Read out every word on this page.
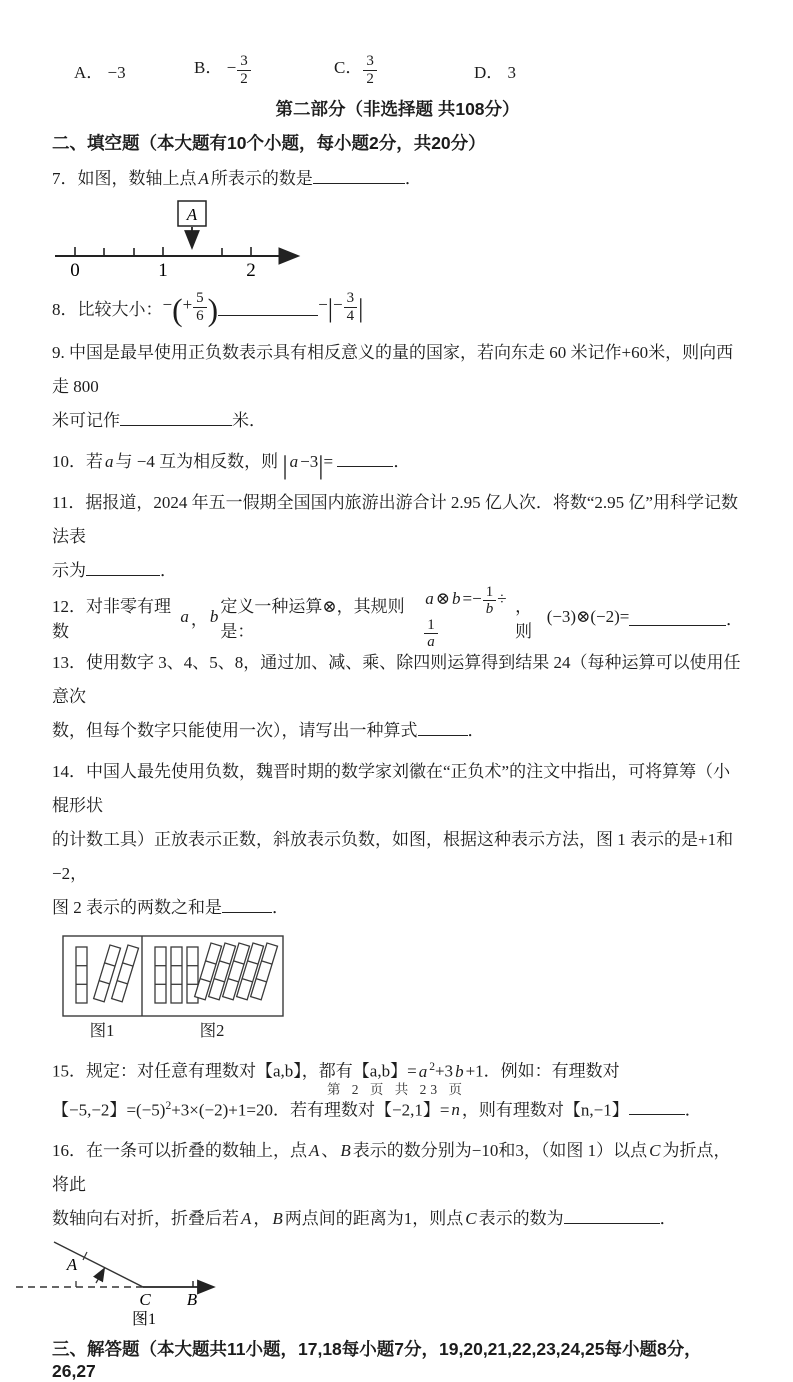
A． −3	B． − $\frac{3}{2}$	C． $\frac{3}{2}$	D． 3
第二部分（非选择题 共108分）
二、填空题（本大题有10个小题，每小题2分，共20分）
7．如图，数轴上点 A 所表示的数是	．
0	1	2
A
8．比较大小： −(+ $\frac{5}{6}$ )	−|− $\frac{3}{4}$ |
9. 中国是最早使用正负数表示具有相反意义的量的国家，若向东走 60 米记作+60米，则向西走 800
米可记作	米．
10．若 a 与 −4 互为相反数，则 | a −3|=	．
11．据报道，2024 年五一假期全国国内旅游出游合计 2.95 亿人次．将数“2.95 亿”用科学记数法表
示为	．
12．对非零有理数
a ， b
定义一种运算⊗，其规则是：
a ⊗ $b =- \frac{1}{b}$ ÷
$\frac{1}{a}$
，则
(−3)⊗(−2)=	．
13．使用数字 3、4、5、8，通过加、减、乘、除四则运算得到结果 24（每种运算可以使用任意次
数，但每个数字只能使用一次），请写出一种算式	．
14．中国人最先使用负数，魏晋时期的数学家刘徽在“正负术”的注文中指出，可将算筹（小棍形状
的计数工具）正放表示正数，斜放表示负数，如图，根据这种表示方法，图 1 表示的是+1和−2，
图 2 表示的两数之和是	．
图1	图2
15．规定：对任意有理数对【a,b】，都有【a,b】= a $^2$+3 b +1．例如：有理数对
【−5,−2】$=(-5)^2+3\times(-2)+1=20$．若有理数对【−2,1】= n ，则有理数对【n,−1】	．
16．在一条可以折叠的数轴上，点 A 、 B 表示的数分别为−10和3，（如图 1）以点 C 为折点，将此
数轴向右对折，折叠后若 A ， B 两点间的距离为1，则点 C 表示的数为	．
A
C B
图1
三、解答题（本大题共11小题，17,18每小题7分，19,20,21,22,23,24,25每小题8分，26,27
第 2 页 共 23 页
